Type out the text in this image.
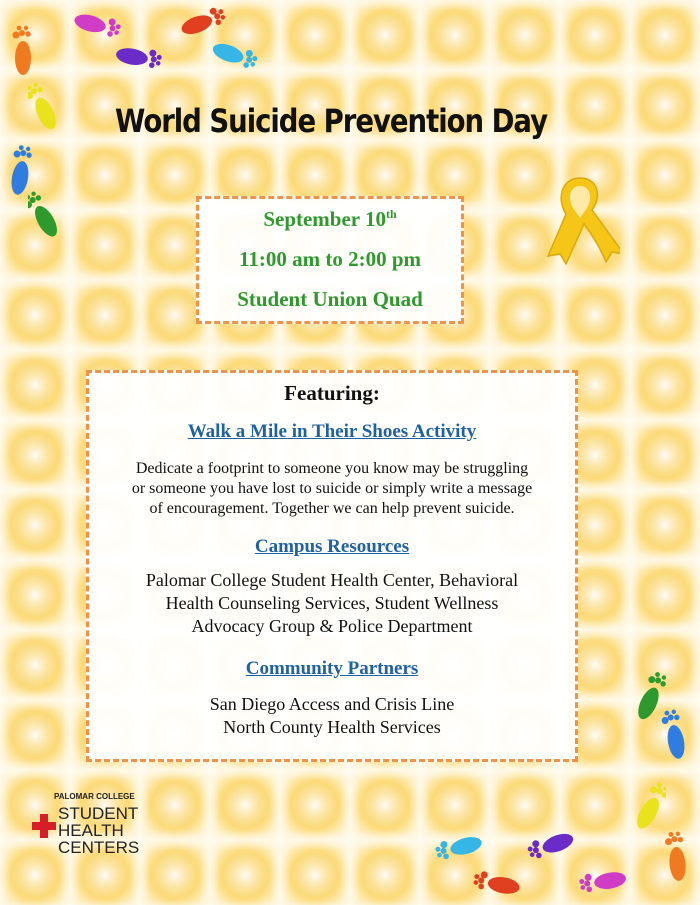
World Suicide Prevention Day
September 10th
11:00 am to 2:00 pm
Student Union Quad
Featuring:
Walk a Mile in Their Shoes Activity
Dedicate a footprint to someone you know may be struggling
or someone you have lost to suicide or simply write a message
of encouragement. Together we can help prevent suicide.
Campus Resources
Palomar College Student Health Center, Behavioral
Health Counseling Services, Student Wellness
Advocacy Group & Police Department
Community Partners
San Diego Access and Crisis Line
North County Health Services
PALOMAR COLLEGE
STUDENT
HEALTH
CENTERS
